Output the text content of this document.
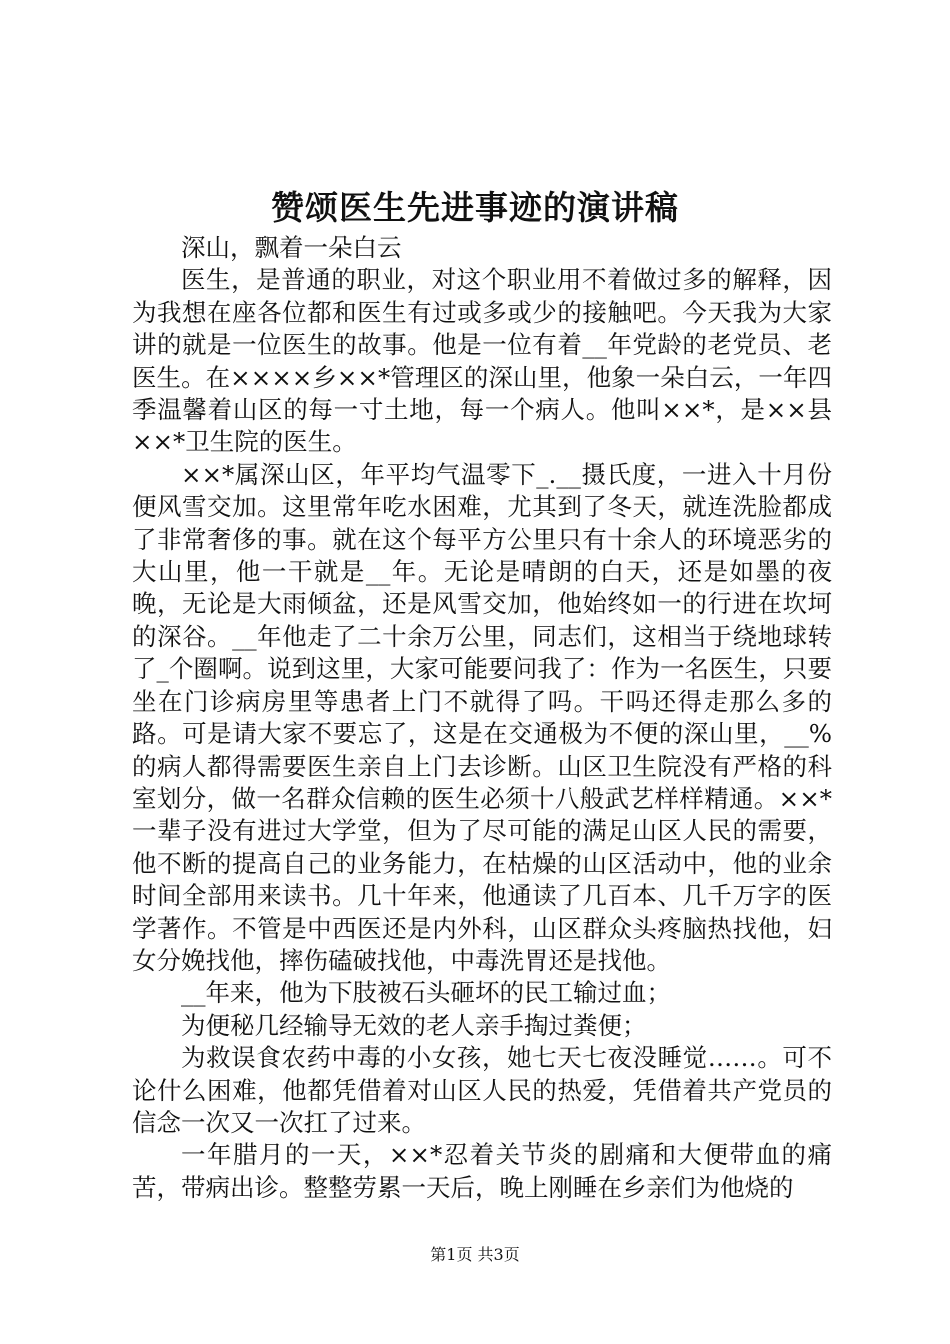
赞颂医生先进事迹的演讲稿

深山，飘着一朵白云

医生，是普通的职业，对这个职业用不着做过多的解释，因为我想在座各位都和医生有过或多或少的接触吧。今天我为大家讲的就是一位医生的故事。他是一位有着__年党龄的老党员、老医生。在××××乡××*管理区的深山里，他象一朵白云，一年四季温馨着山区的每一寸土地，每一个病人。他叫××*，是××县××*卫生院的医生。

××*属深山区，年平均气温零下_.__摄氏度，一进入十月份便风雪交加。这里常年吃水困难，尤其到了冬天，就连洗脸都成了非常奢侈的事。就在这个每平方公里只有十余人的环境恶劣的大山里，他一干就是__年。无论是晴朗的白天，还是如墨的夜晚，无论是大雨倾盆，还是风雪交加，他始终如一的行进在坎坷的深谷。__年他走了二十余万公里，同志们，这相当于绕地球转了_个圈啊。说到这里，大家可能要问我了：作为一名医生，只要坐在门诊病房里等患者上门不就得了吗。干吗还得走那么多的路。可是请大家不要忘了，这是在交通极为不便的深山里，__%的病人都得需要医生亲自上门去诊断。山区卫生院没有严格的科室划分，做一名群众信赖的医生必须十八般武艺样样精通。××*一辈子没有进过大学堂，但为了尽可能的满足山区人民的需要，他不断的提高自己的业务能力，在枯燥的山区活动中，他的业余时间全部用来读书。几十年来，他通读了几百本、几千万字的医学著作。不管是中西医还是内外科，山区群众头疼脑热找他，妇女分娩找他，摔伤磕破找他，中毒洗胃还是找他。

__年来，他为下肢被石头砸坏的民工输过血；

为便秘几经输导无效的老人亲手掏过粪便；

为救误食农药中毒的小女孩，她七天七夜没睡觉……。可不论什么困难，他都凭借着对山区人民的热爱，凭借着共产党员的信念一次又一次扛了过来。

一年腊月的一天，××*忍着关节炎的剧痛和大便带血的痛苦，带病出诊。整整劳累一天后，晚上刚睡在乡亲们为他烧的

第1页 共3页
